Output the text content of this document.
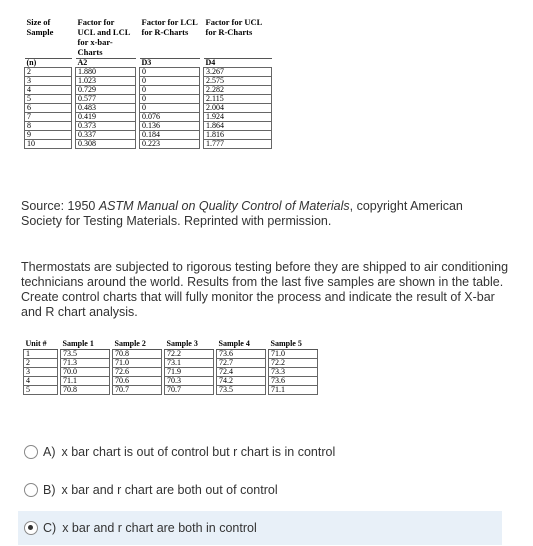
Size of Sample		Factor for UCL and LCL for x-bar-Charts		Factor for LCL for R-Charts		Factor for UCL for R-Charts
(n)		A2		D3		D4
2		1.880		0		3.267
3		1.023		0		2.575
4		0.729		0		2.282
5		0.577		0		2.115
6		0.483		0		2.004
7		0.419		0.076		1.924
8		0.373		0.136		1.864
9		0.337		0.184		1.816
10		0.308		0.223		1.777
Source: 1950 ASTM Manual on Quality Control of Materials, copyright American Society for Testing Materials. Reprinted with permission.
Thermostats are subjected to rigorous testing before they are shipped to air conditioning technicians around the world. Results from the last five samples are shown in the table. Create control charts that will fully monitor the process and indicate the result of X-bar and R chart analysis.
Unit #		Sample 1		Sample 2		Sample 3		Sample 4		Sample 5
1		73.5		70.8		72.2		73.6		71.0
2		71.3		71.0		73.1		72.7		72.2
3		70.0		72.6		71.9		72.4		73.3
4		71.1		70.6		70.3		74.2		73.6
5		70.8		70.7		70.7		73.5		71.1
A) x bar chart is out of control but r chart is in control
B) x bar and r chart are both out of control
C) x bar and r chart are both in control
